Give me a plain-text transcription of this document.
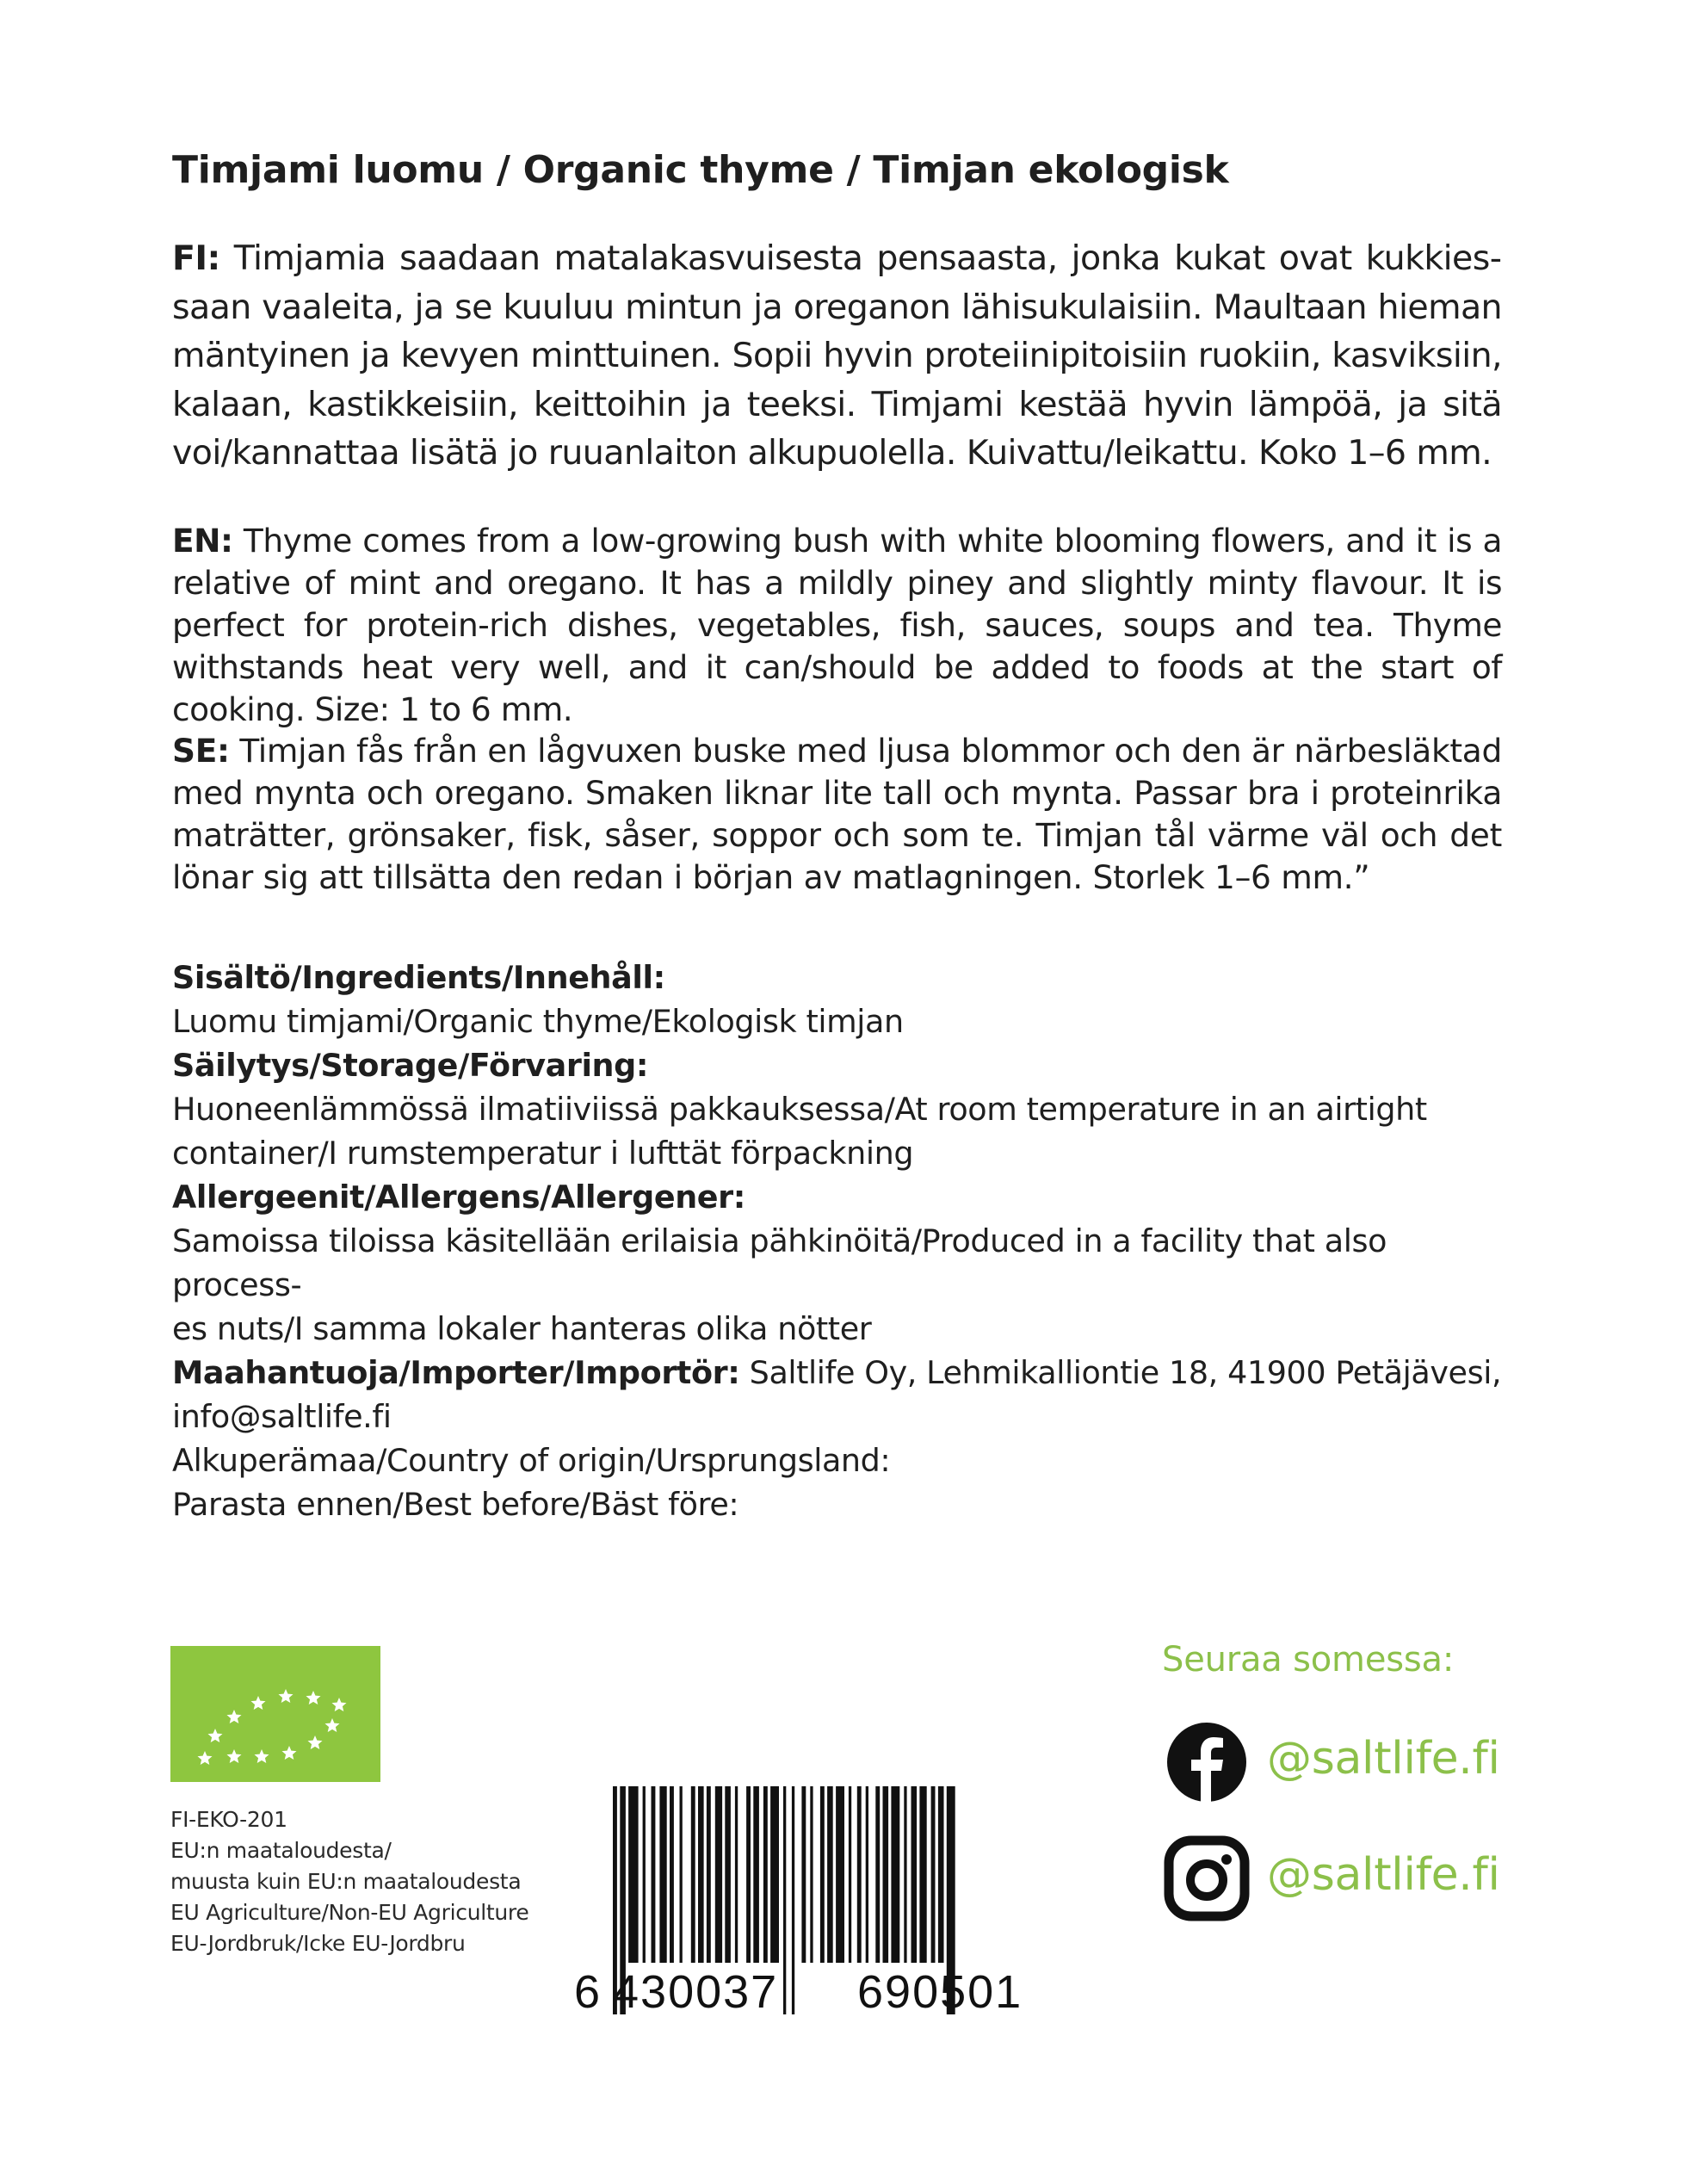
Timjami luomu / Organic thyme / Timjan ekologisk

FI: Timjamia saadaan matalakasvuisesta pensaasta, jonka kukat ovat kukkiessaan vaaleita, ja se kuuluu mintun ja oreganon lähisukulaisiin. Maultaan hieman mäntyinen ja kevyen minttuinen. Sopii hyvin proteiinipitoisiin ruokiin, kasviksiin, kalaan, kastikkeisiin, keittoihin ja teeksi. Timjami kestää hyvin lämpöä, ja sitä voi/kannattaa lisätä jo ruuanlaiton alkupuolella. Kuivattu/leikattu. Koko 1–6 mm.

EN: Thyme comes from a low-growing bush with white blooming flowers, and it is a relative of mint and oregano. It has a mildly piney and slightly minty flavour. It is perfect for protein-rich dishes, vegetables, fish, sauces, soups and tea. Thyme withstands heat very well, and it can/should be added to foods at the start of cooking. Size: 1 to 6 mm.

SE: Timjan fås från en lågvuxen buske med ljusa blommor och den är närbesläktad med mynta och oregano. Smaken liknar lite tall och mynta. Passar bra i proteinrika maträtter, grönsaker, fisk, såser, soppor och som te. Timjan tål värme väl och det lönar sig att tillsätta den redan i början av matlagningen. Storlek 1–6 mm.”

Sisältö/Ingredients/Innehåll:
Luomu timjami/Organic thyme/Ekologisk timjan
Säilytys/Storage/Förvaring:
Huoneenlämmössä ilmatiiviissä pakkauksessa/At room temperature in an airtight
container/I rumstemperatur i lufttät förpackning
Allergeenit/Allergens/Allergener:
Samoissa tiloissa käsitellään erilaisia pähkinöitä/Produced in a facility that also process-
es nuts/I samma lokaler hanteras olika nötter
Maahantuoja/Importer/Importör: Saltlife Oy, Lehmikalliontie 18, 41900 Petäjävesi,
info@saltlife.fi
Alkuperämaa/Country of origin/Ursprungsland:
Parasta ennen/Best before/Bäst före:
FI-EKO-201
EU:n maataloudesta/
muusta kuin EU:n maataloudesta
EU Agriculture/Non-EU Agriculture
EU-Jordbruk/Icke EU-Jordbru
6 430037 690501
Seuraa somessa:
@saltlife.fi
@saltlife.fi
